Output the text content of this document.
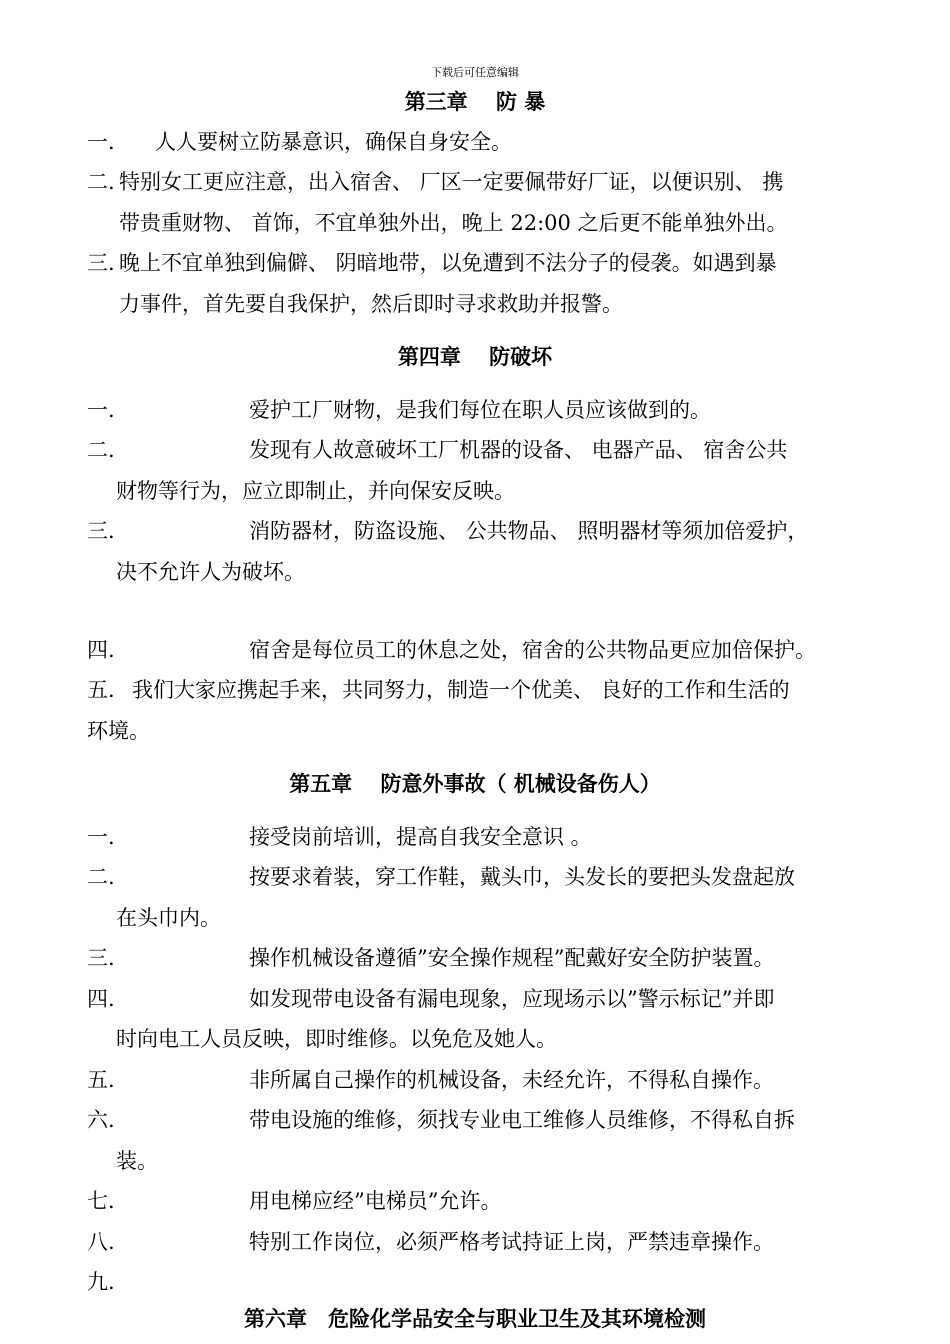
下载后可任意编辑
第三章　 防 暴
一. 人人要树立防暴意识，确保自身安全。
二. 特别女工更应注意，出入宿舍、 厂区一定要佩带好厂证，以便识别、 携
带贵重财物、 首饰，不宜单独外出，晚上 22:00 之后更不能单独外出。
三. 晚上不宜单独到偏僻、 阴暗地带，以免遭到不法分子的侵袭。如遇到暴
力事件，首先要自我保护，然后即时寻求救助并报警。
第四章　 防破坏
一.	爱护工厂财物，是我们每位在职人员应该做到的。
二.	发现有人故意破坏工厂机器的设备、 电器产品、 宿舍公共
财物等行为，应立即制止，并向保安反映。
三.	消防器材，防盗设施、 公共物品、 照明器材等须加倍爱护，
决不允许人为破坏。
四.	宿舍是每位员工的休息之处，宿舍的公共物品更应加倍保护。
五. 我们大家应携起手来，共同努力，制造一个优美、 良好的工作和生活的
环境。
第五章　 防意外事故（ 机械设备伤人）
一.	接受岗前培训，提高自我安全意识 。
二.	按要求着装，穿工作鞋，戴头巾，头发长的要把头发盘起放
在头巾内。
三.	操作机械设备遵循”安全操作规程”配戴好安全防护装置。
四.	如发现带电设备有漏电现象，应现场示以”警示标记”并即
时向电工人员反映，即时维修。以免危及她人。
五.	非所属自己操作的机械设备，未经允许，不得私自操作。
六.	带电设施的维修，须找专业电工维修人员维修，不得私自拆
装。
七.	用电梯应经”电梯员”允许。
八.	特别工作岗位，必须严格考试持证上岗，严禁违章操作。
九.
第六章　危险化学品安全与职业卫生及其环境检测
